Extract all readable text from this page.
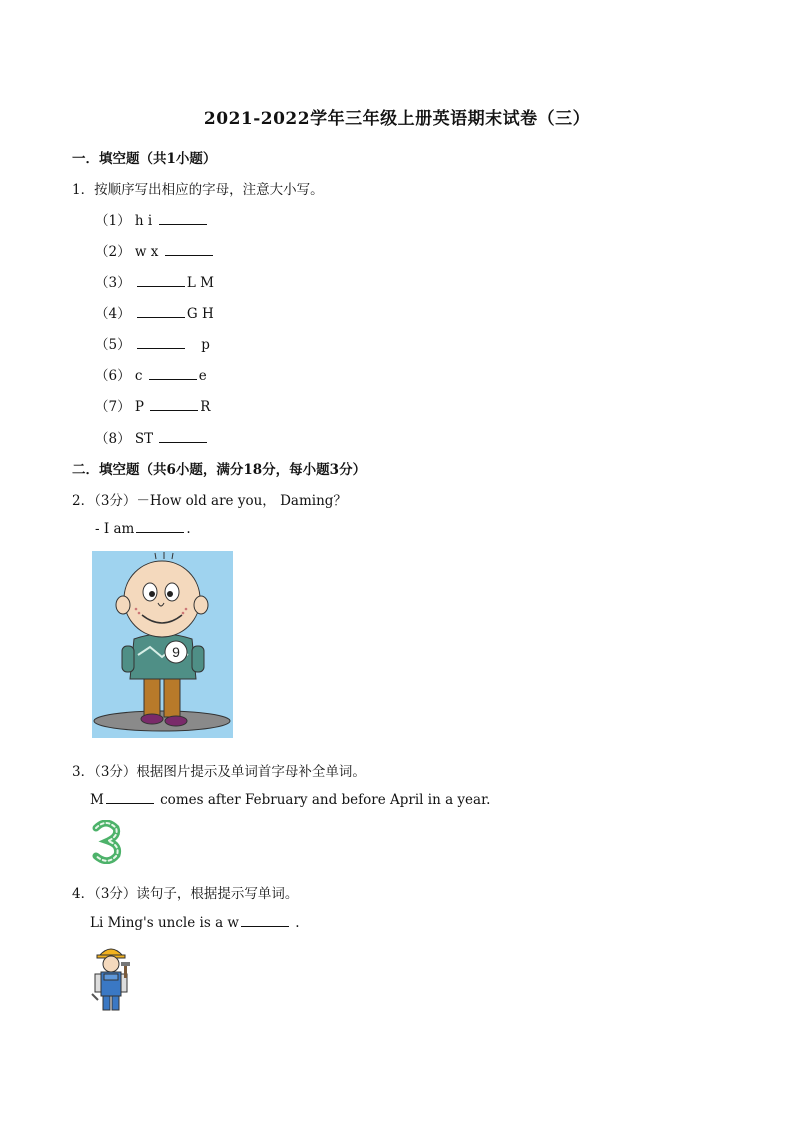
2021-2022学年三年级上册英语期末试卷（三）
一．填空题（共1小题）
1．按顺序写出相应的字母，注意大小写。
（1） h i
（2） w x
（3）	L M
（4）	G H
（5）	p
（6） c	e
（7） P	R
（8） ST
二．填空题（共6小题，满分18分，每小题3分）
2．（3分）－How old are you， Daming？
- I am	.
9
3．（3分）根据图片提示及单词首字母补全单词。
M	comes after February and before April in a year.
4．（3分）读句子，根据提示写单词。
Li Ming's uncle is a w	.
